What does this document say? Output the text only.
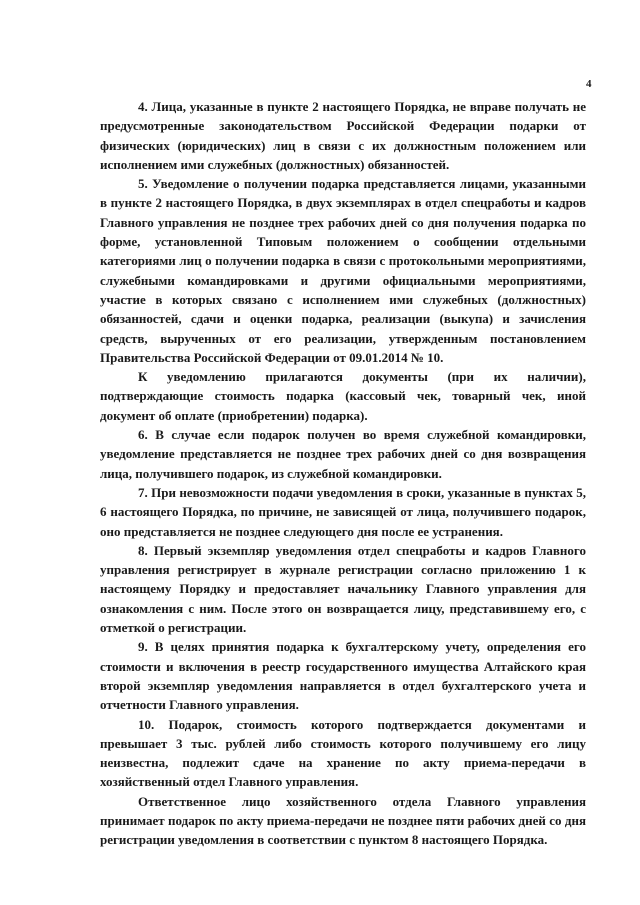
4

4. Лица, указанные в пункте 2 настоящего Порядка, не вправе получать не предусмотренные законодательством Российской Федерации подарки от физических (юридических) лиц в связи с их должностным положением или исполнением ими служебных (должностных) обязанностей.

5. Уведомление о получении подарка представляется лицами, указанными в пункте 2 настоящего Порядка, в двух экземплярах в отдел спецработы и кадров Главного управления не позднее трех рабочих дней со дня получения подарка по форме, установленной Типовым положением о сообщении отдельными категориями лиц о получении подарка в связи с протокольными мероприятиями, служебными командировками и другими официальными мероприятиями, участие в которых связано с исполнением ими служебных (должностных) обязанностей, сдачи и оценки подарка, реализации (выкупа) и зачисления средств, вырученных от его реализации, утвержденным постановлением Правительства Российской Федерации от 09.01.2014 № 10.

К уведомлению прилагаются документы (при их наличии), подтверждающие стоимость подарка (кассовый чек, товарный чек, иной документ об оплате (приобретении) подарка).

6. В случае если подарок получен во время служебной командировки, уведомление представляется не позднее трех рабочих дней со дня возвращения лица, получившего подарок, из служебной командировки.

7. При невозможности подачи уведомления в сроки, указанные в пунктах 5, 6 настоящего Порядка, по причине, не зависящей от лица, получившего подарок, оно представляется не позднее следующего дня после ее устранения.

8. Первый экземпляр уведомления отдел спецработы и кадров Главного управления регистрирует в журнале регистрации согласно приложению 1 к настоящему Порядку и предоставляет начальнику Главного управления для ознакомления с ним. После этого он возвращается лицу, представившему его, с отметкой о регистрации.

9. В целях принятия подарка к бухгалтерскому учету, определения его стоимости и включения в реестр государственного имущества Алтайского края второй экземпляр уведомления направляется в отдел бухгалтерского учета и отчетности Главного управления.

10. Подарок, стоимость которого подтверждается документами и превышает 3 тыс. рублей либо стоимость которого получившему его лицу неизвестна, подлежит сдаче на хранение по акту приема-передачи в хозяйственный отдел Главного управления.

Ответственное лицо хозяйственного отдела Главного управления принимает подарок по акту приема-передачи не позднее пяти рабочих дней со дня регистрации уведомления в соответствии с пунктом 8 настоящего Порядка.
